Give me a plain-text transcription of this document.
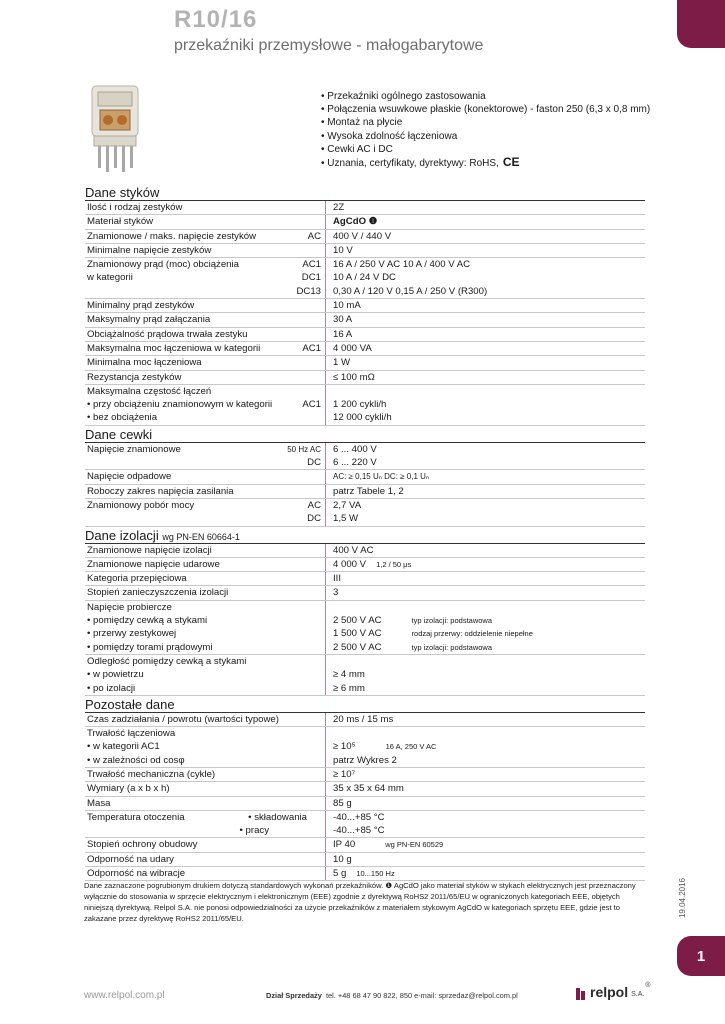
1
R10/16
przekaźniki przemysłowe - małogabarytowe
• Przekaźniki ogólnego zastosowania
• Połączenia wsuwkowe płaskie (konektorowe) - faston 250 (6,3 x 0,8 mm)
• Montaż na płycie
• Wysoka zdolność łączeniowa
• Cewki AC i DC
• Uznania, certyfikaty, dyrektywy: RoHS, CE
Dane styków
Ilość i rodzaj zestyków	2Z
Materiał styków	AgCdO ❶
Znamionowe / maks. napięcie zestyków	AC	400 V / 440 V
Minimalne napięcie zestyków	10 V
Znamionowy prąd (moc) obciążenia	AC1	16 A / 250 V AC 10 A / 400 V AC
w kategorii	DC1	10 A / 24 V DC
DC13	0,30 A / 120 V 0,15 A / 250 V (R300)
Minimalny prąd zestyków	10 mA
Maksymalny prąd załączania	30 A
Obciążalność prądowa trwała zestyku	16 A
Maksymalna moc łączeniowa w kategorii	AC1	4 000 VA
Minimalna moc łączeniowa	1 W
Rezystancja zestyków	≤ 100 mΩ
Maksymalna częstość łączeń
• przy obciążeniu znamionowym w kategorii	AC1	1 200 cykli/h
• bez obciążenia	12 000 cykli/h
Dane cewki
Napięcie znamionowe	50 Hz AC	6 ... 400 V
DC	6 ... 220 V
Napięcie odpadowe	AC: ≥ 0,15 Uₙ DC: ≥ 0,1 Uₙ
Roboczy zakres napięcia zasilania	patrz Tabele 1, 2
Znamionowy pobór mocy	AC	2,7 VA
DC	1,5 W
Dane izolacji wg PN-EN 60664-1
Znamionowe napięcie izolacji	400 V AC
Znamionowe napięcie udarowe	4 000 V 1,2 / 50 μs
Kategoria przepięciowa	III
Stopień zanieczyszczenia izolacji	3
Napięcie probiercze
• pomiędzy cewką a stykami	2 500 V AC	typ izolacji: podstawowa
• przerwy zestykowej	1 500 V AC	rodzaj przerwy: oddzielenie niepełne
• pomiędzy torami prądowymi	2 500 V AC	typ izolacji: podstawowa
Odległość pomiędzy cewką a stykami
• w powietrzu	≥ 4 mm
• po izolacji	≥ 6 mm
Pozostałe dane
Czas zadziałania / powrotu (wartości typowe)	20 ms / 15 ms
Trwałość łączeniowa
• w kategorii AC1	≥ 10⁵	16 A, 250 V AC
• w zależności od cosφ	patrz Wykres 2
Trwałość mechaniczna (cykle)	≥ 10⁷
Wymiary (a x b x h)	35 x 35 x 64 mm
Masa	85 g
Temperatura otoczenia	• składowania	-40...+85 °C
• pracy	-40...+85 °C
Stopień ochrony obudowy	IP 40	wg PN-EN 60529
Odporność na udary	10 g
Odporność na wibracje	5 g 10...150 Hz
Dane zaznaczone pogrubionym drukiem dotyczą standardowych wykonań przekaźników. ❶ AgCdO jako materiał styków w stykach elektrycznych jest przeznaczony wyłącznie do stosowania w sprzęcie elektrycznym i elektronicznym (EEE) zgodnie z dyrektywą RoHS2 2011/65/EU w ograniczonych kategoriach EEE, objętych niniejszą dyrektywą. Relpol S.A. nie ponosi odpowiedzialności za użycie przekaźników z materiałem stykowym AgCdO w kategoriach sprzętu EEE, gdzie jest to zakazane przez dyrektywę RoHS2 2011/65/EU.
19.04.2016
www.relpol.com.pl	Dział Sprzedaży tel. +48 68 47 90 822, 850 e-mail: sprzedaz@relpol.com.pl	relpol S.A.
®
